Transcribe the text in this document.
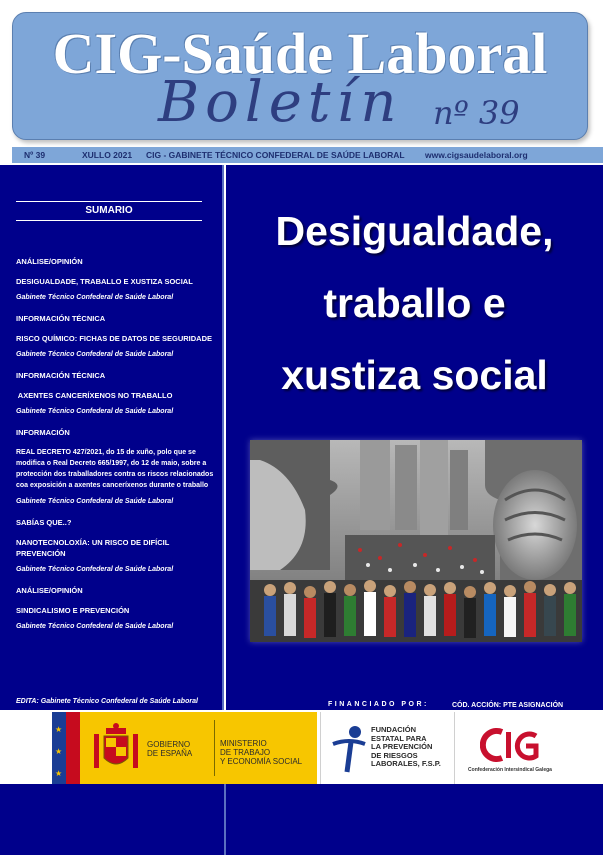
CIG-Saúde Laboral
Boletín nº 39
Nº 39	XULLO 2021 CIG - GABINETE TÉCNICO CONFEDERAL DE SAÚDE LABORAL www.cigsaudelaboral.org
SUMARIO
ANÁLISE/OPINIÓN
DESIGUALDADE, TRABALLO E XUSTIZA SOCIAL
Gabinete Técnico Confederal de Saúde Laboral
INFORMACIÓN TÉCNICA
RISCO QUÍMICO: FICHAS DE DATOS DE SEGURIDADE
Gabinete Técnico Confederal de Saúde Laboral
INFORMACIÓN TÉCNICA
AXENTES CANCERÍXENOS NO TRABALLO
Gabinete Técnico Confederal de Saúde Laboral
INFORMACIÓN
REAL DECRETO 427/2021, do 15 de xuño, polo que se modifica o Real Decreto 665/1997, do 12 de maio, sobre a protección dos traballadores contra os riscos relacionados coa exposición a axentes canceríxenos durante o traballo
Gabinete Técnico Confederal de Saúde Laboral
SABÍAS QUE..?
NANOTECNOLOXÍA: UN RISCO DE DIFÍCIL PREVENCIÓN
Gabinete Técnico Confederal de Saúde Laboral
ANÁLISE/OPINIÓN
SINDICALISMO E PREVENCIÓN
Gabinete Técnico Confederal de Saúde Laboral
EDITA: Gabinete Técnico Confederal de Saúde Laboral
Desigualdade,
traballo e
xustiza social
FINANCIADO POR:	CÓD. ACCIÓN: PTE ASIGNACIÓN
★
★
★
GOBIERNO
DE ESPAÑA
MINISTERIO
DE TRABAJO
Y ECONOMÍA SOCIAL
FUNDACIÓN
ESTATAL PARA
LA PREVENCIÓN
DE RIESGOS
LABORALES, F.S.P.
Confederación Intersindical Galega
